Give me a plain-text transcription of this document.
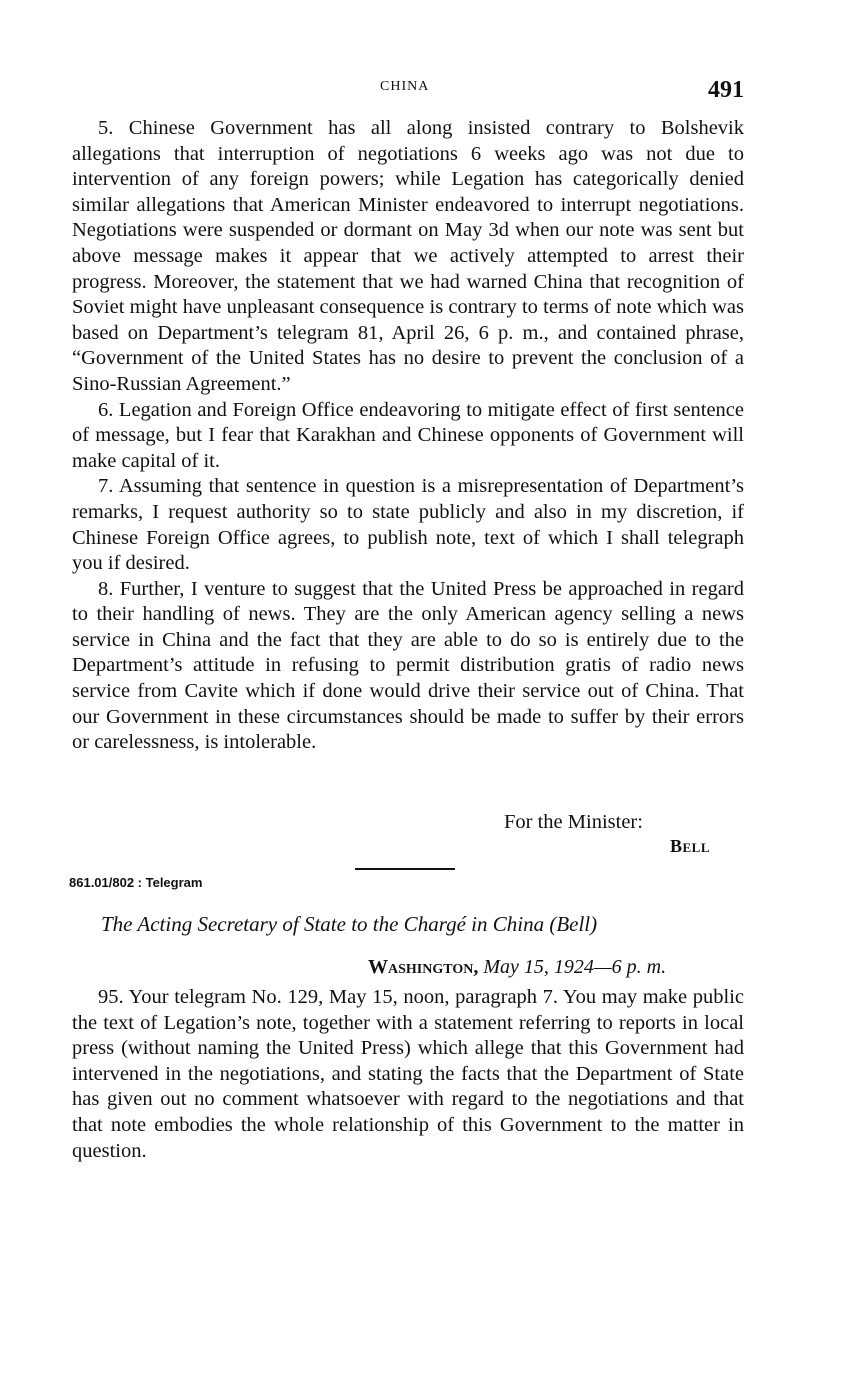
CHINA	491

5. Chinese Government has all along insisted contrary to Bolshevik allegations that interruption of negotiations 6 weeks ago was not due to intervention of any foreign powers; while Legation has categorically denied similar allegations that American Minister endeavored to interrupt negotiations. Negotiations were suspended or dormant on May 3d when our note was sent but above message makes it appear that we actively attempted to arrest their progress. Moreover, the statement that we had warned China that recognition of Soviet might have unpleasant consequence is contrary to terms of note which was based on Department’s telegram 81, April 26, 6 p. m., and contained phrase, “Government of the United States has no desire to prevent the conclusion of a Sino-Russian Agreement.”

6. Legation and Foreign Office endeavoring to mitigate effect of first sentence of message, but I fear that Karakhan and Chinese opponents of Government will make capital of it.

7. Assuming that sentence in question is a misrepresentation of Department’s remarks, I request authority so to state publicly and also in my discretion, if Chinese Foreign Office agrees, to publish note, text of which I shall telegraph you if desired.

8. Further, I venture to suggest that the United Press be approached in regard to their handling of news. They are the only American agency selling a news service in China and the fact that they are able to do so is entirely due to the Department’s attitude in refusing to permit distribution gratis of radio news service from Cavite which if done would drive their service out of China. That our Government in these circumstances should be made to suffer by their errors or carelessness, is intolerable.

For the Minister:
Bell
861.01/802 : Telegram
The Acting Secretary of State to the Chargé in China (Bell)
Washington, May 15, 1924—6 p. m.

95. Your telegram No. 129, May 15, noon, paragraph 7. You may make public the text of Legation’s note, together with a statement referring to reports in local press (without naming the United Press) which allege that this Government had intervened in the negotiations, and stating the facts that the Department of State has given out no comment whatsoever with regard to the negotiations and that that note embodies the whole relationship of this Government to the matter in question.
